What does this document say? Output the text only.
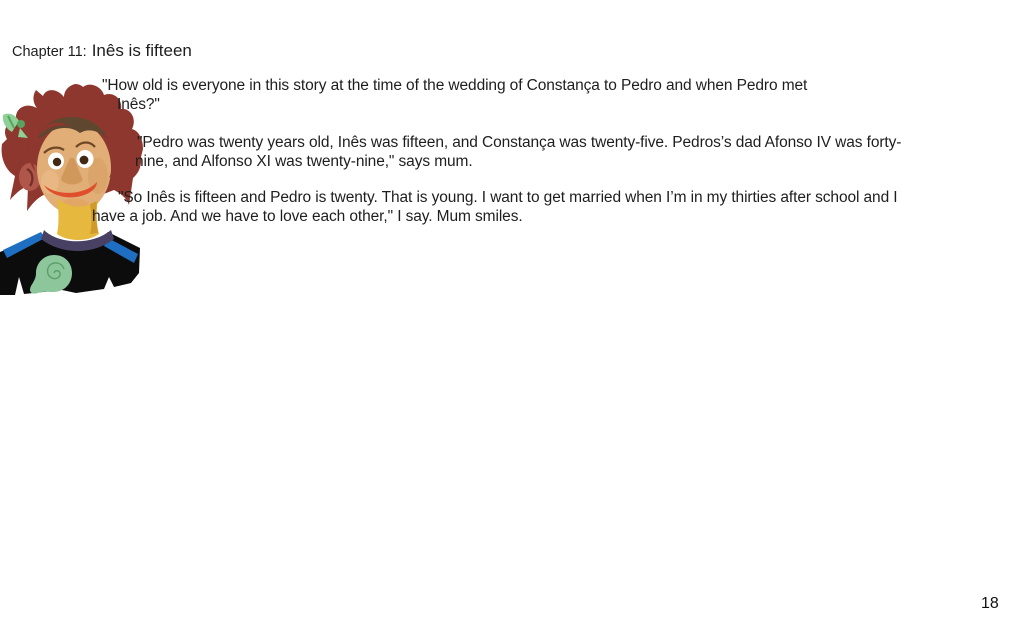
Chapter 11: Inês is fifteen
"How old is everyone in this story at the time of the wedding of Constança to Pedro and when Pedro met
Inês?"
"Pedro was twenty years old, Inês was fifteen, and Constança was twenty-five. Pedros’s dad Afonso IV was forty-
nine, and Alfonso XI was twenty-nine," says mum.
"So Inês is fifteen and Pedro is twenty. That is young. I want to get married when I’m in my thirties after school and I
have a job. And we have to love each other," I say. Mum smiles.
18
